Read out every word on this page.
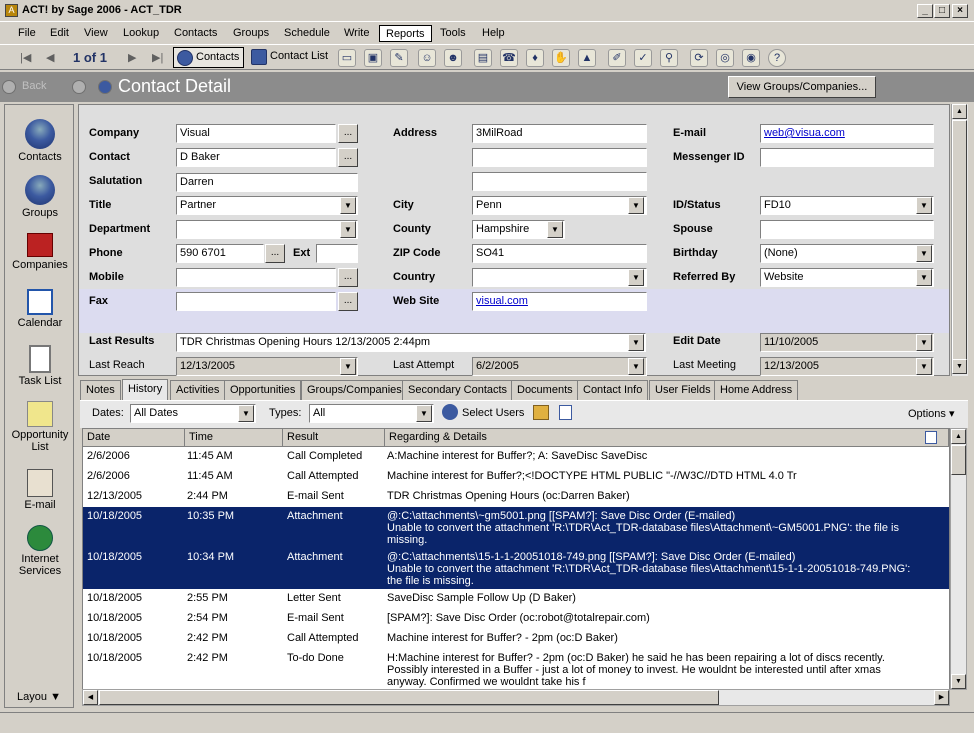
A ACT! by Sage 2006 - ACT_TDR	_	□	×
File	Edit	View	Lookup	Contacts	Groups	Schedule	Write	Reports	Tools	Help
|◀ ◀ 1 of 1 ▶ ▶|	Contacts	Contact List	▭	▣	✎	☺	☻	▤	☎	♦	✋	▲	✐	✓	⚲	⟳	◎	◉	?
Back	Contact Detail	View Groups/Companies...
Contacts
Groups
Companies
Calendar
Task List
Opportunity List
E-mail
Internet Services
Layou ▼
Company	Visual	...
Contact	D Baker	...
Salutation	Darren
Title	Partner	▼
Department	▼
Phone	590 6701	...	Ext
Mobile	...
Fax	...
Address	3MilRoad
City	Penn	▼
County	Hampshire	▼
ZIP Code	SO41
Country	▼
Web Site	visual.com
E-mail	web@visua.com
Messenger ID
ID/Status	FD10	▼
Spouse
Birthday	(None)	▼
Referred By	Website	▼
Last Results	TDR Christmas Opening Hours 12/13/2005 2:44pm	▼	Edit Date	11/10/2005	▼
Last Reach	12/13/2005	▼	Last Attempt	6/2/2005	▼	Last Meeting	12/13/2005	▼
▲
▼
Notes	History	Activities Opportunities	Groups/Companies Secondary Contacts Documents Contact Info	User Fields Home Address
Dates: All Dates	▼	Types:	All	▼	Select Users	Options ▾
Date	Time	Result	Regarding & Details
2/6/2006	11:45 AM	Call Completed A:Machine interest for Buffer?; A: SaveDisc SaveDisc
2/6/2006	11:45 AM	Call Attempted	Machine interest for Buffer?;<!DOCTYPE HTML PUBLIC "-//W3C//DTD HTML 4.0 Tr
12/13/2005	2:44 PM	E-mail Sent	TDR Christmas Opening Hours (oc:Darren Baker)
10/18/2005	10:35 PM	Attachment	@:C:\attachments\~gm5001.png [[SPAM?]: Save Disc Order (E-mailed)
Unable to convert the attachment 'R:\TDR\Act_TDR-database files\Attachment\~GM5001.PNG': the file is
missing.
10/18/2005	10:34 PM	Attachment	@:C:\attachments\15-1-1-20051018-749.png [[SPAM?]: Save Disc Order (E-mailed)
Unable to convert the attachment 'R:\TDR\Act_TDR-database files\Attachment\15-1-1-20051018-749.PNG':
the file is missing.
10/18/2005	2:55 PM	Letter Sent	SaveDisc Sample Follow Up (D Baker)
10/18/2005	2:54 PM	E-mail Sent	[SPAM?]: Save Disc Order (oc:robot@totalrepair.com)
10/18/2005	2:42 PM	Call Attempted	Machine interest for Buffer? - 2pm (oc:D Baker)
10/18/2005	2:42 PM	To-do Done	H:Machine interest for Buffer? - 2pm (oc:D Baker) he said he has been repairing a lot of discs recently.
Possibly interested in a Buffer - just a lot of money to invest. He wouldnt be interested until after xmas
anyway. Confirmed we wouldnt take his f
▲
▼
◀	▶
